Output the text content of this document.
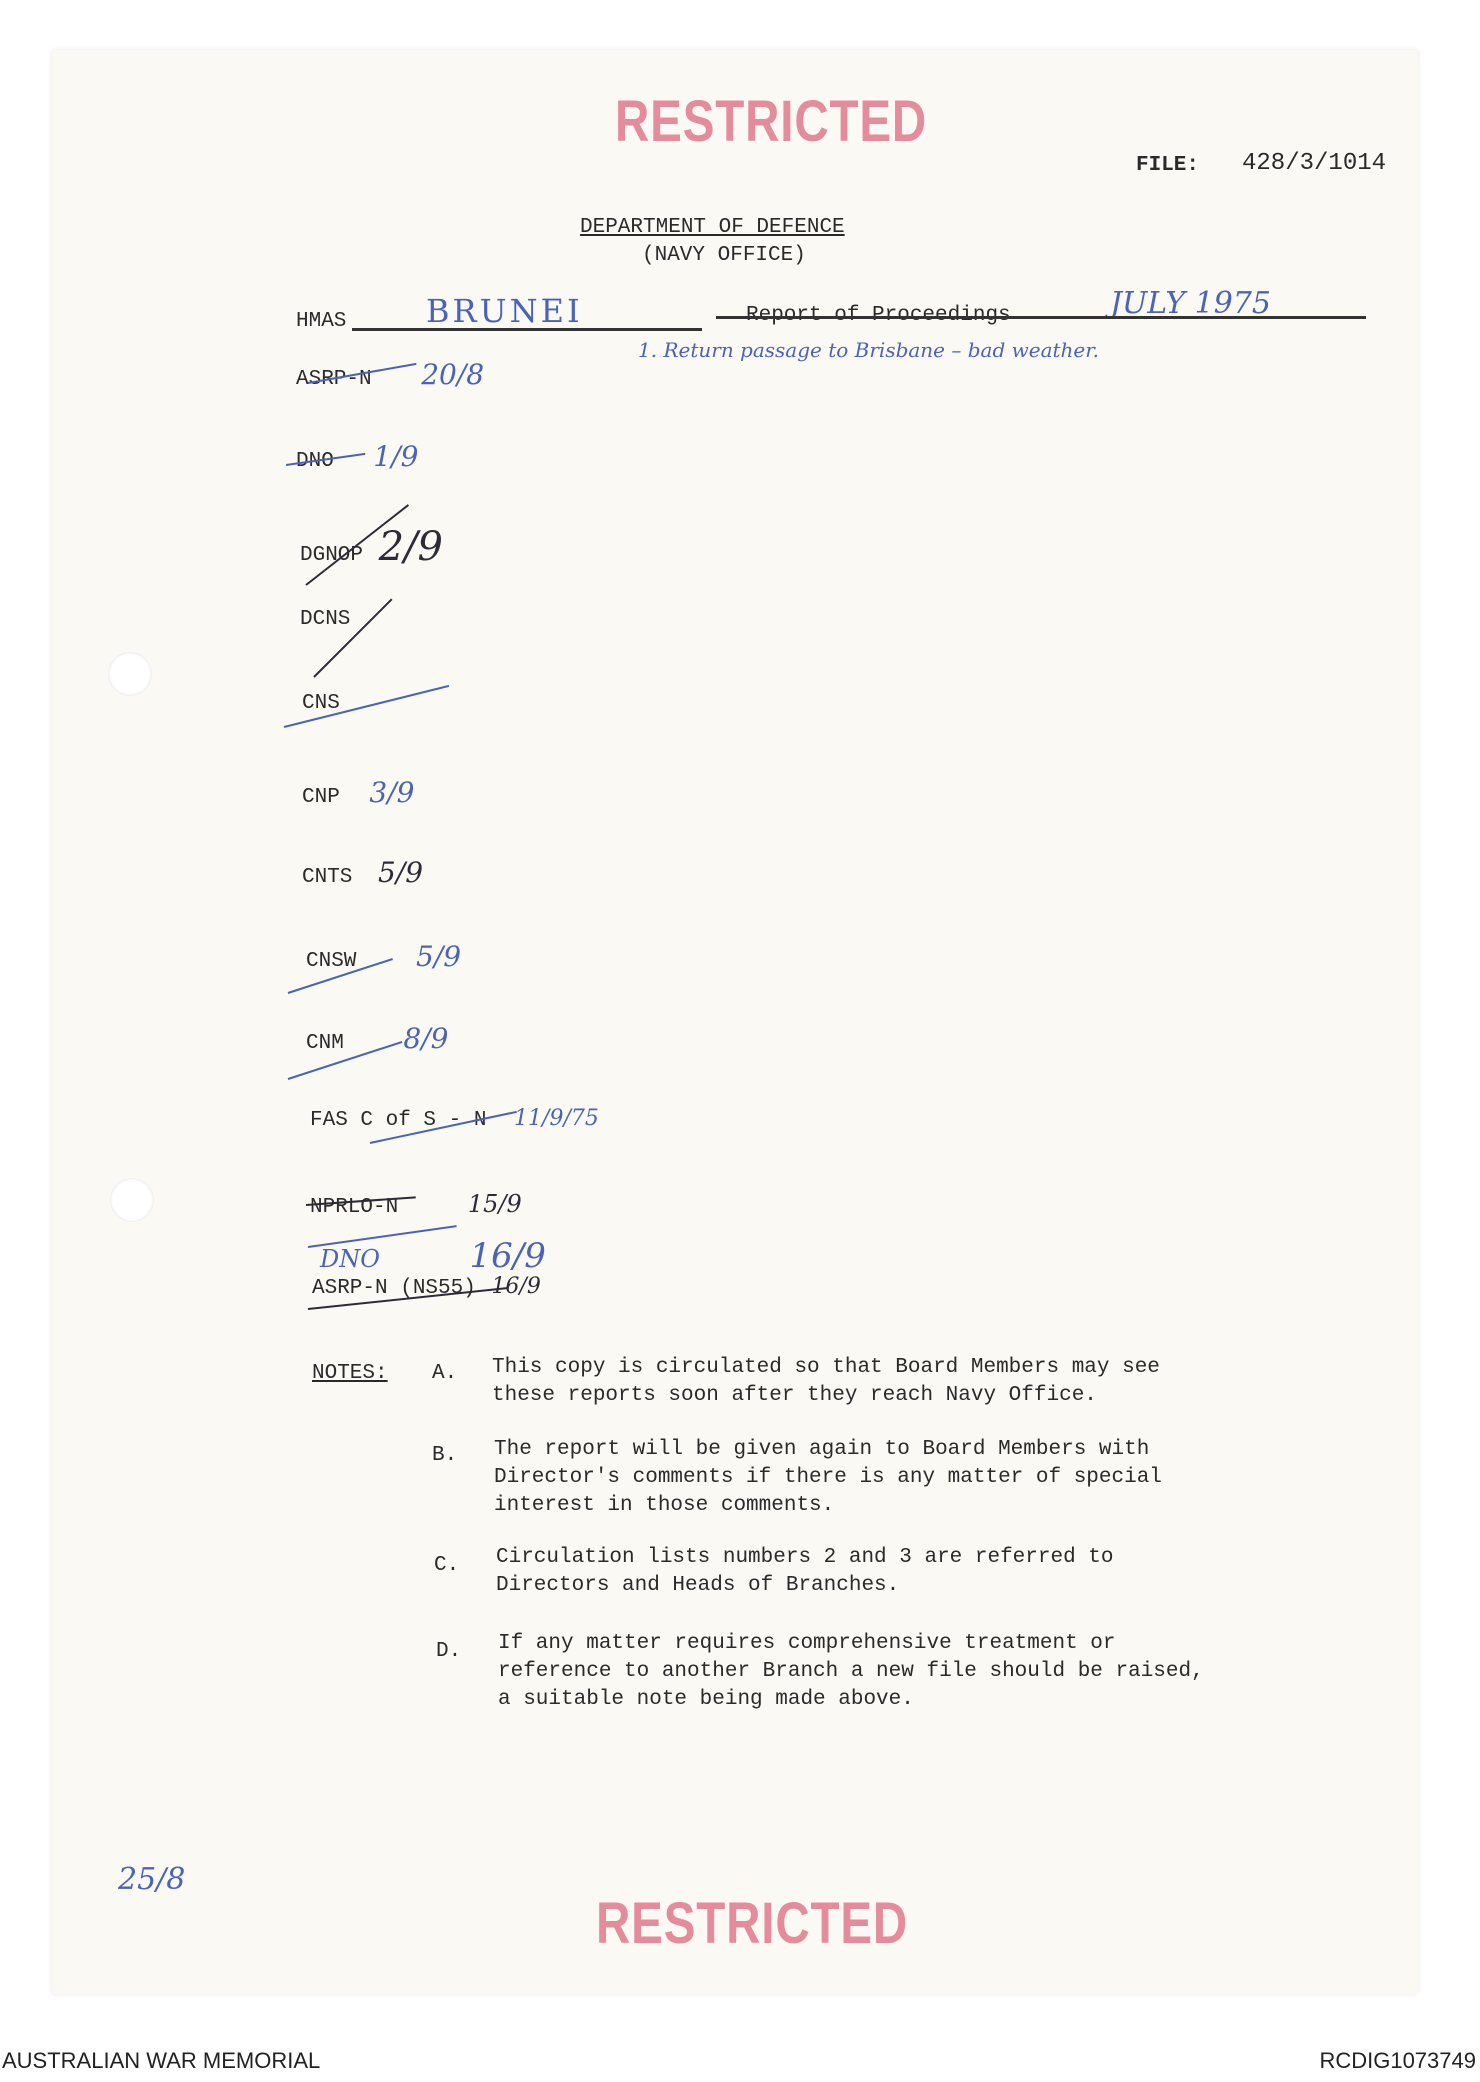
RESTRICTED
FILE: 428/3/1014
DEPARTMENT OF DEFENCE
(NAVY OFFICE)
HMAS BRUNEI	Report of Proceedings	JULY 1975
1. Return passage to Brisbane – bad weather.
ASRP-N 20/8
DNO 1/9
DGNOP 2/9
DCNS
CNS
CNP 3/9
CNTS 5/9
CNSW 5/9
CNM 8/9
FAS C of S - N 11/9/75
NPRLO-N	15/9
DNO	16/9
ASRP-N (NS55) 16/9
NOTES: A. This copy is circulated so that Board Members may see
these reports soon after they reach Navy Office.
B. The report will be given again to Board Members with
Director's comments if there is any matter of special
interest in those comments.
C. Circulation lists numbers 2 and 3 are referred to
Directors and Heads of Branches.
D. If any matter requires comprehensive treatment or
reference to another Branch a new file should be raised,
a suitable note being made above.
25/8
RESTRICTED
AUSTRALIAN WAR MEMORIAL	RCDIG1073749
